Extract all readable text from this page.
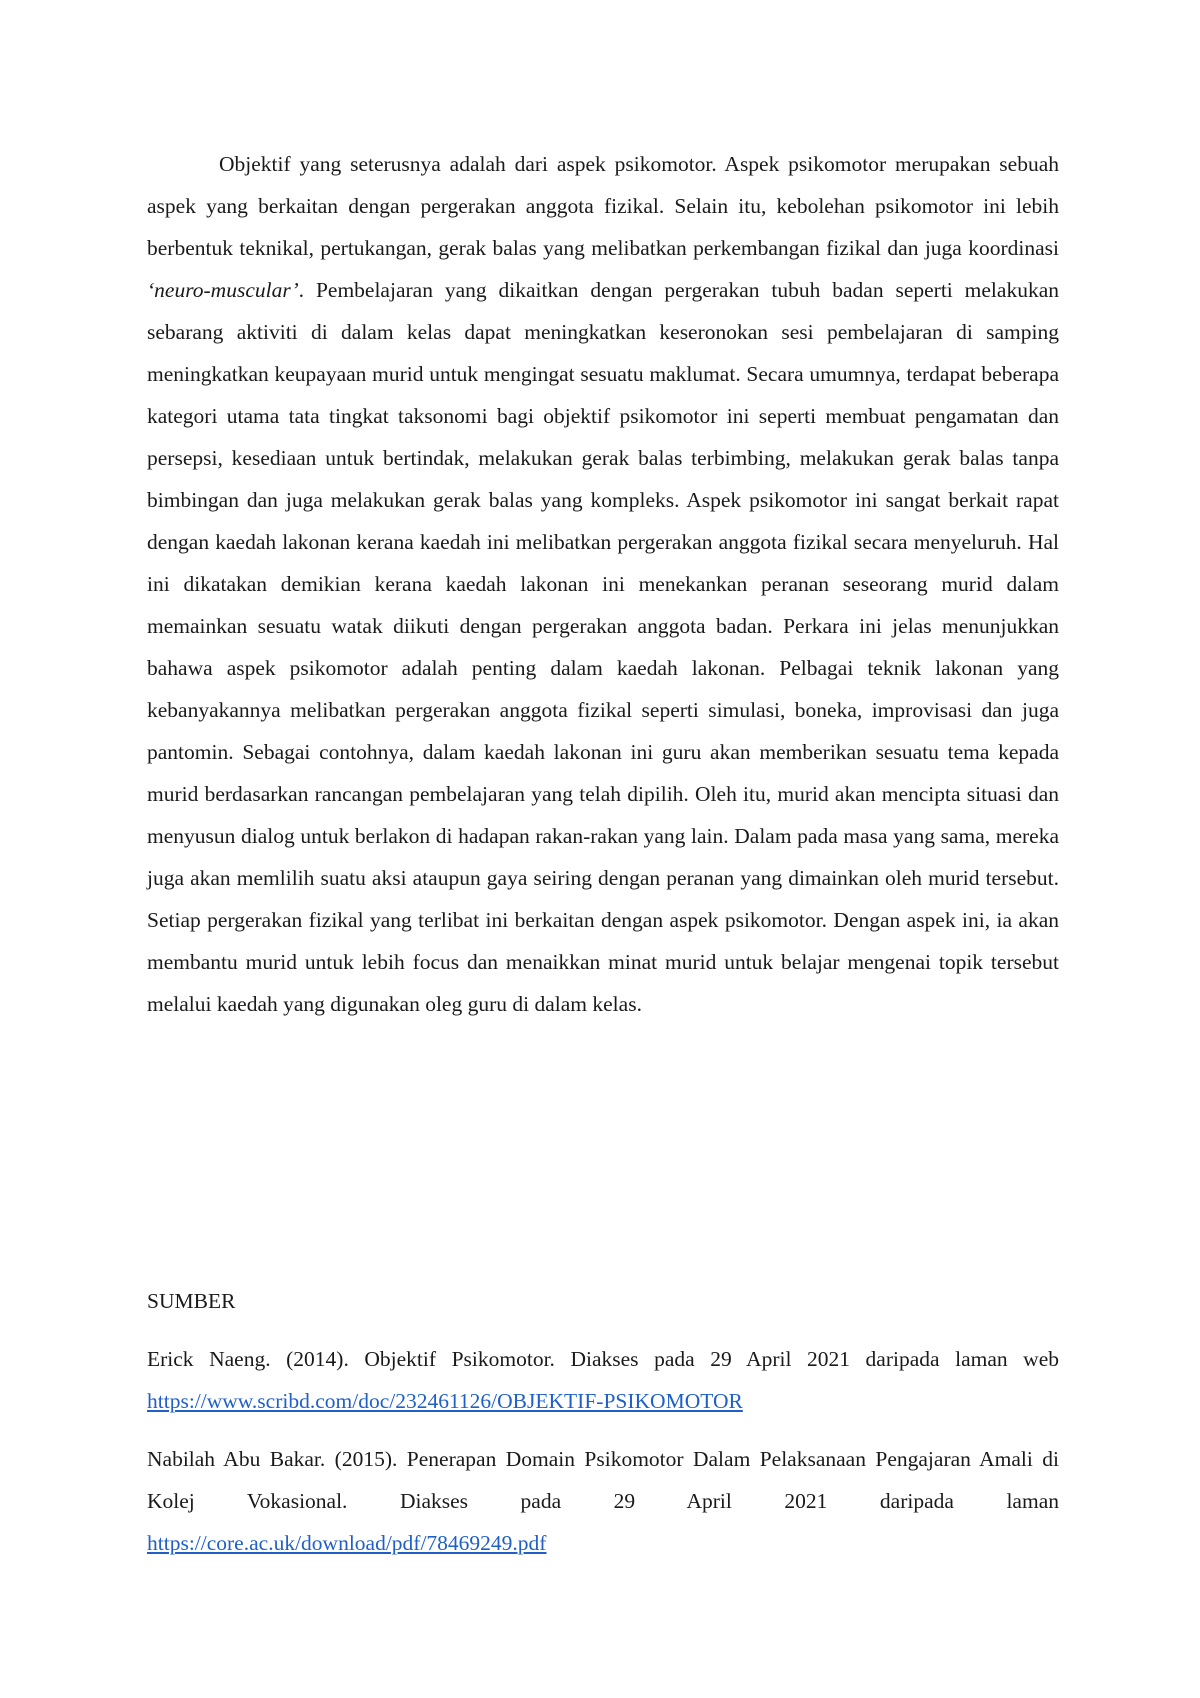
Objektif yang seterusnya adalah dari aspek psikomotor. Aspek psikomotor merupakan sebuah aspek yang berkaitan dengan pergerakan anggota fizikal. Selain itu, kebolehan psikomotor ini lebih berbentuk teknikal, pertukangan, gerak balas yang melibatkan perkembangan fizikal dan juga koordinasi ‘neuro-muscular’. Pembelajaran yang dikaitkan dengan pergerakan tubuh badan seperti melakukan sebarang aktiviti di dalam kelas dapat meningkatkan keseronokan sesi pembelajaran di samping meningkatkan keupayaan murid untuk mengingat sesuatu maklumat. Secara umumnya, terdapat beberapa kategori utama tata tingkat taksonomi bagi objektif psikomotor ini seperti membuat pengamatan dan persepsi, kesediaan untuk bertindak, melakukan gerak balas terbimbing, melakukan gerak balas tanpa bimbingan dan juga melakukan gerak balas yang kompleks. Aspek psikomotor ini sangat berkait rapat dengan kaedah lakonan kerana kaedah ini melibatkan pergerakan anggota fizikal secara menyeluruh. Hal ini dikatakan demikian kerana kaedah lakonan ini menekankan peranan seseorang murid dalam memainkan sesuatu watak diikuti dengan pergerakan anggota badan. Perkara ini jelas menunjukkan bahawa aspek psikomotor adalah penting dalam kaedah lakonan. Pelbagai teknik lakonan yang kebanyakannya melibatkan pergerakan anggota fizikal seperti simulasi, boneka, improvisasi dan juga pantomin. Sebagai contohnya, dalam kaedah lakonan ini guru akan memberikan sesuatu tema kepada murid berdasarkan rancangan pembelajaran yang telah dipilih. Oleh itu, murid akan mencipta situasi dan menyusun dialog untuk berlakon di hadapan rakan-rakan yang lain. Dalam pada masa yang sama, mereka juga akan memlilih suatu aksi ataupun gaya seiring dengan peranan yang dimainkan oleh murid tersebut. Setiap pergerakan fizikal yang terlibat ini berkaitan dengan aspek psikomotor. Dengan aspek ini, ia akan membantu murid untuk lebih focus dan menaikkan minat murid untuk belajar mengenai topik tersebut melalui kaedah yang digunakan oleg guru di dalam kelas.

SUMBER

Erick Naeng. (2014). Objektif Psikomotor. Diakses pada 29 April 2021 daripada laman web https://www.scribd.com/doc/232461126/OBJEKTIF-PSIKOMOTOR

Nabilah Abu Bakar. (2015). Penerapan Domain Psikomotor Dalam Pelaksanaan Pengajaran Amali di Kolej Vokasional. Diakses pada 29 April 2021 daripada laman https://core.ac.uk/download/pdf/78469249.pdf
